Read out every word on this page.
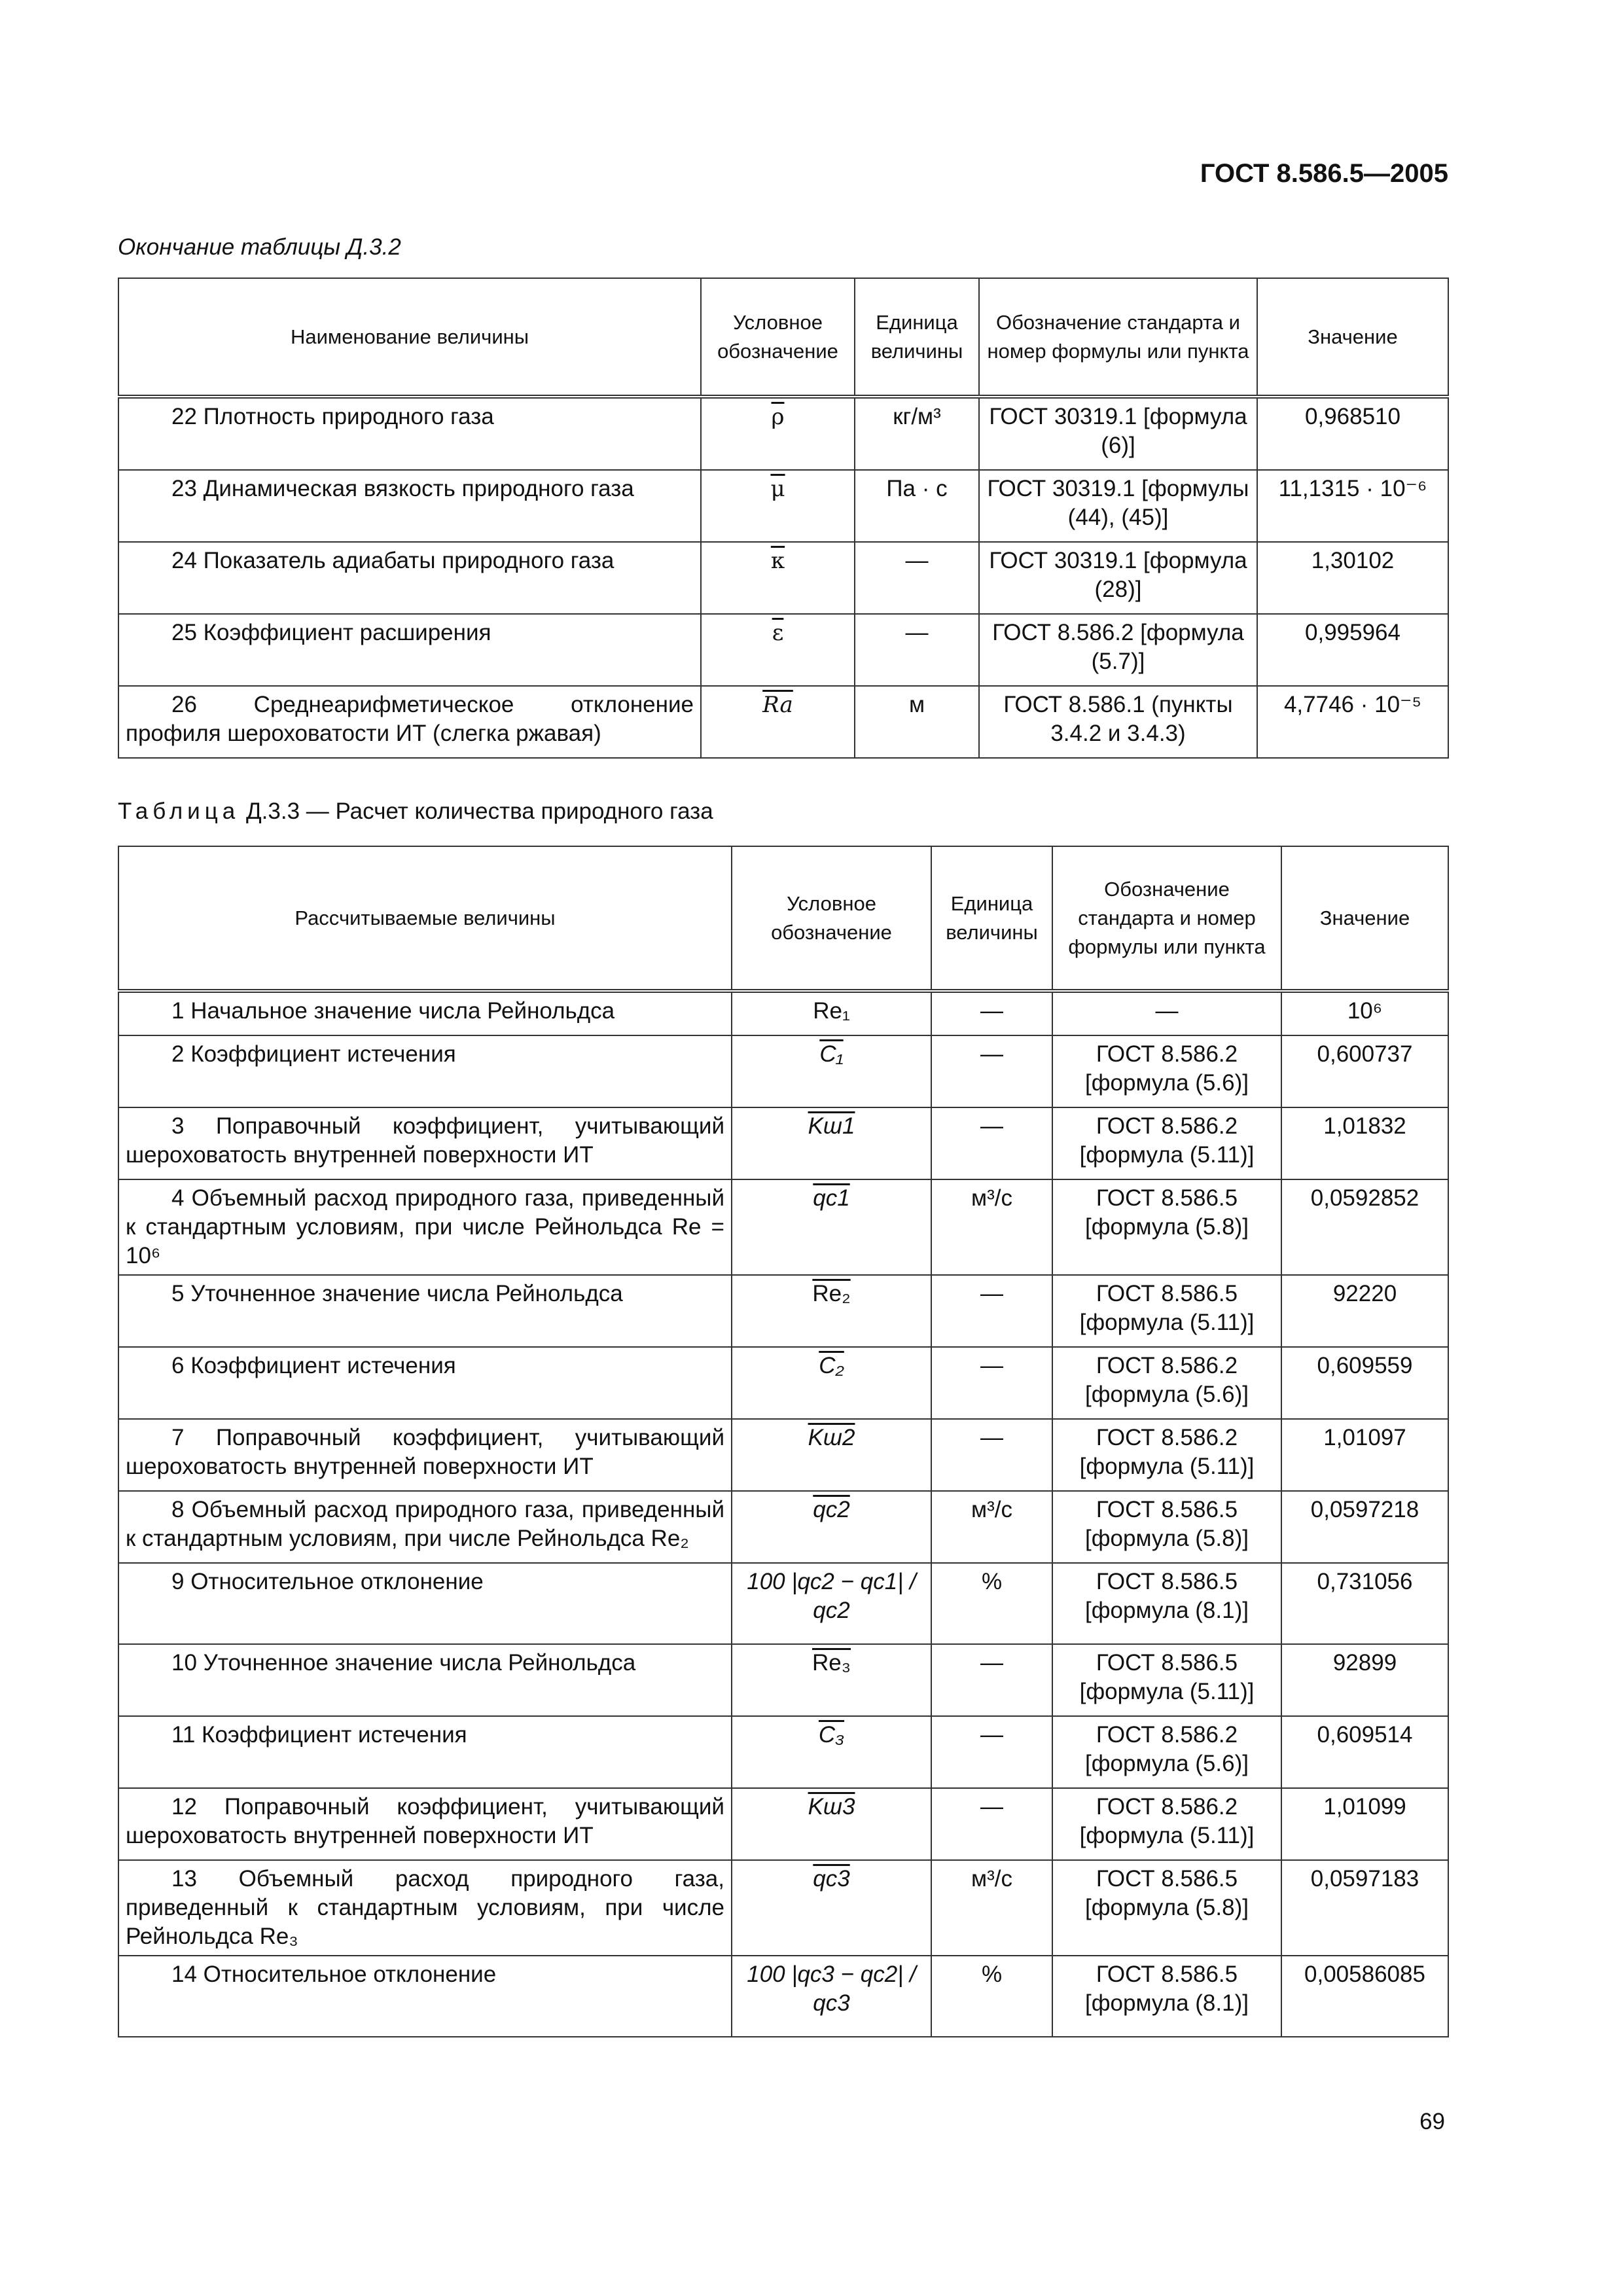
ГОСТ 8.586.5—2005
Окончание таблицы Д.3.2
Наименование величины	Условное обозначение	Единица величины	Обозначение стандарта и номер формулы или пункта	Значение
22 Плотность природного газа	$\overline{\rho}$	кг/м³	ГОСТ 30319.1 [формула (6)]	0,968510
23 Динамическая вязкость природного газа	$\overline{\mu}$	Па · с	ГОСТ 30319.1 [формулы (44), (45)]	11,1315 · 10⁻⁶
24 Показатель адиабаты природного газа	$\overline{\kappa}$	—	ГОСТ 30319.1 [формула (28)]	1,30102
25 Коэффициент расширения	$\overline{\varepsilon}$	—	ГОСТ 8.586.2 [формула (5.7)]	0,995964
26 Среднеарифметическое отклонение профиля шероховатости ИТ (слегка ржавая)	$\overline{Ra}$	м	ГОСТ 8.586.1 (пункты 3.4.2 и 3.4.3)	4,7746 · 10⁻⁵
Таблица Д.3.3 — Расчет количества природного газа
Рассчитываемые величины	Условное обозначение	Единица величины	Обозначение стандарта и номер формулы или пункта	Значение
1 Начальное значение числа Рейнольдса	Re₁	—	—	10⁶
2 Коэффициент истечения	C₁	—	ГОСТ 8.586.2 [формула (5.6)]	0,600737
3 Поправочный коэффициент, учитывающий шероховатость внутренней поверхности ИТ	Kш1	—	ГОСТ 8.586.2 [формула (5.11)]	1,01832
4 Объемный расход природного газа, приведенный к стандартным условиям, при числе Рейнольдса Re = 10⁶	qс1	м³/с	ГОСТ 8.586.5 [формула (5.8)]	0,0592852
5 Уточненное значение числа Рейнольдса	Re₂	—	ГОСТ 8.586.5 [формула (5.11)]	92220
6 Коэффициент истечения	C₂	—	ГОСТ 8.586.2 [формула (5.6)]	0,609559
7 Поправочный коэффициент, учитывающий шероховатость внутренней поверхности ИТ	Kш2	—	ГОСТ 8.586.2 [формула (5.11)]	1,01097
8 Объемный расход природного газа, приведенный к стандартным условиям, при числе Рейнольдса Re₂	qс2	м³/с	ГОСТ 8.586.5 [формула (5.8)]	0,0597218
9 Относительное отклонение	100 |qс2 − qс1| / qс2	%	ГОСТ 8.586.5 [формула (8.1)]	0,731056
10 Уточненное значение числа Рейнольдса	Re₃	—	ГОСТ 8.586.5 [формула (5.11)]	92899
11 Коэффициент истечения	C₃	—	ГОСТ 8.586.2 [формула (5.6)]	0,609514
12 Поправочный коэффициент, учитывающий шероховатость внутренней поверхности ИТ	Kш3	—	ГОСТ 8.586.2 [формула (5.11)]	1,01099
13 Объемный расход природного газа, приведенный к стандартным условиям, при числе Рейнольдса Re₃	qс3	м³/с	ГОСТ 8.586.5 [формула (5.8)]	0,0597183
14 Относительное отклонение	100 |qс3 − qс2| / qс3	%	ГОСТ 8.586.5 [формула (8.1)]	0,00586085
69
